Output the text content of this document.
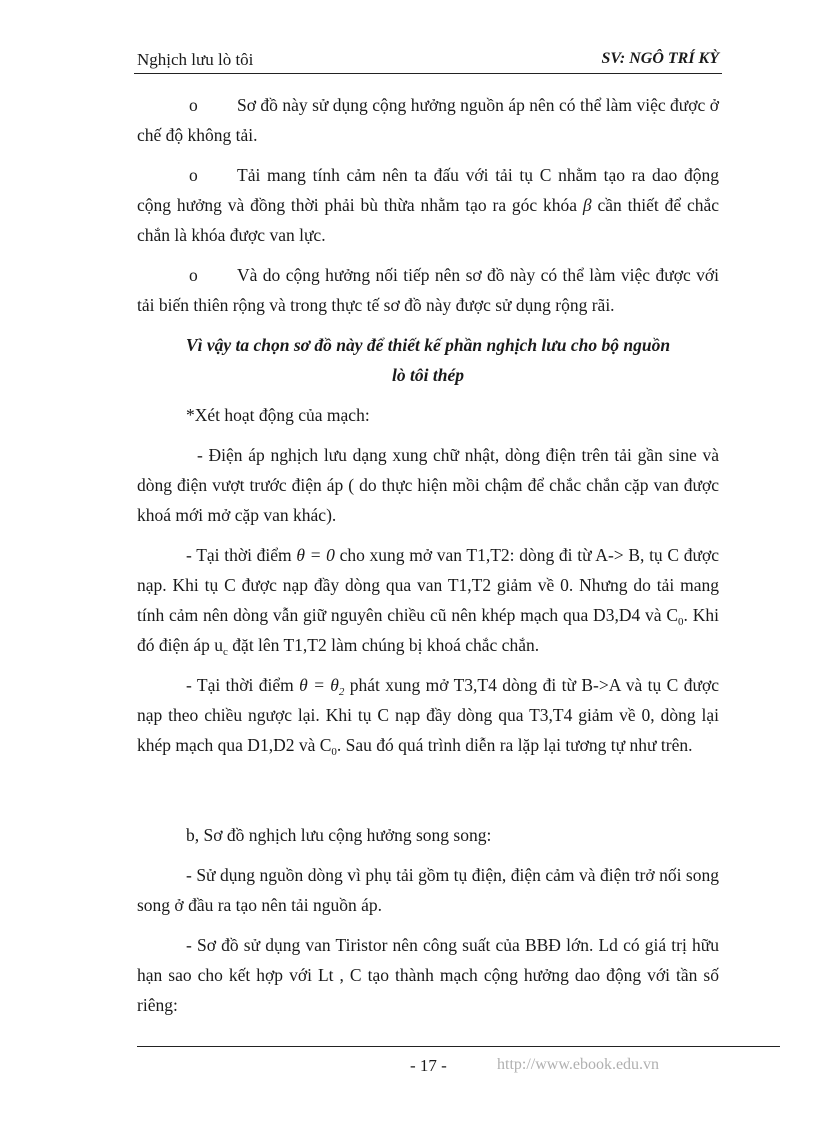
Nghịch lưu lò tôi	SV: NGÔ TRÍ KỲ

o Sơ đồ này sử dụng cộng hưởng nguồn áp nên có thể làm việc được ở chế độ không tải.

o Tải mang tính cảm nên ta đấu với tải tụ C nhằm tạo ra dao động cộng hưởng và đồng thời phải bù thừa nhằm tạo ra góc khóa β cần thiết để chắc chắn là khóa được van lực.

o Và do cộng hưởng nối tiếp nên sơ đồ này có thể làm việc được với tải biến thiên rộng và trong thực tế sơ đồ này được sử dụng rộng rãi.

Vì vậy ta chọn sơ đồ này để thiết kế phần nghịch lưu cho bộ nguồn
lò tôi thép

*Xét hoạt động của mạch:

- Điện áp nghịch lưu dạng xung chữ nhật, dòng điện trên tải gần sine và dòng điện vượt trước điện áp ( do thực hiện mồi chậm để chắc chắn cặp van được khoá mới mở cặp van khác).

- Tại thời điểm θ = 0 cho xung mở van T1,T2: dòng đi từ A-> B, tụ C được nạp. Khi tụ C được nạp đầy dòng qua van T1,T2 giảm về 0. Nhưng do tải mang tính cảm nên dòng vẫn giữ nguyên chiều cũ nên khép mạch qua D3,D4 và $C_0$. Khi đó điện áp $u_c$ đặt lên T1,T2 làm chúng bị khoá chắc chắn.

- Tại thời điểm $\theta = \theta_2$ phát xung mở T3,T4 dòng đi từ B->A và tụ C được nạp theo chiều ngược lại. Khi tụ C nạp đầy dòng qua T3,T4 giảm về 0, dòng lại khép mạch qua D1,D2 và $C_0$. Sau đó quá trình diễn ra lặp lại tương tự như trên.

b, Sơ đồ nghịch lưu cộng hưởng song song:

- Sử dụng nguồn dòng vì phụ tải gồm tụ điện, điện cảm và điện trở nối song song ở đầu ra tạo nên tải nguồn áp.

- Sơ đồ sử dụng van Tiristor nên công suất của BBĐ lớn. Ld có giá trị hữu hạn sao cho kết hợp với Lt , C tạo thành mạch cộng hưởng dao động với tần số riêng:

- 17 -	http://www.ebook.edu.vn
